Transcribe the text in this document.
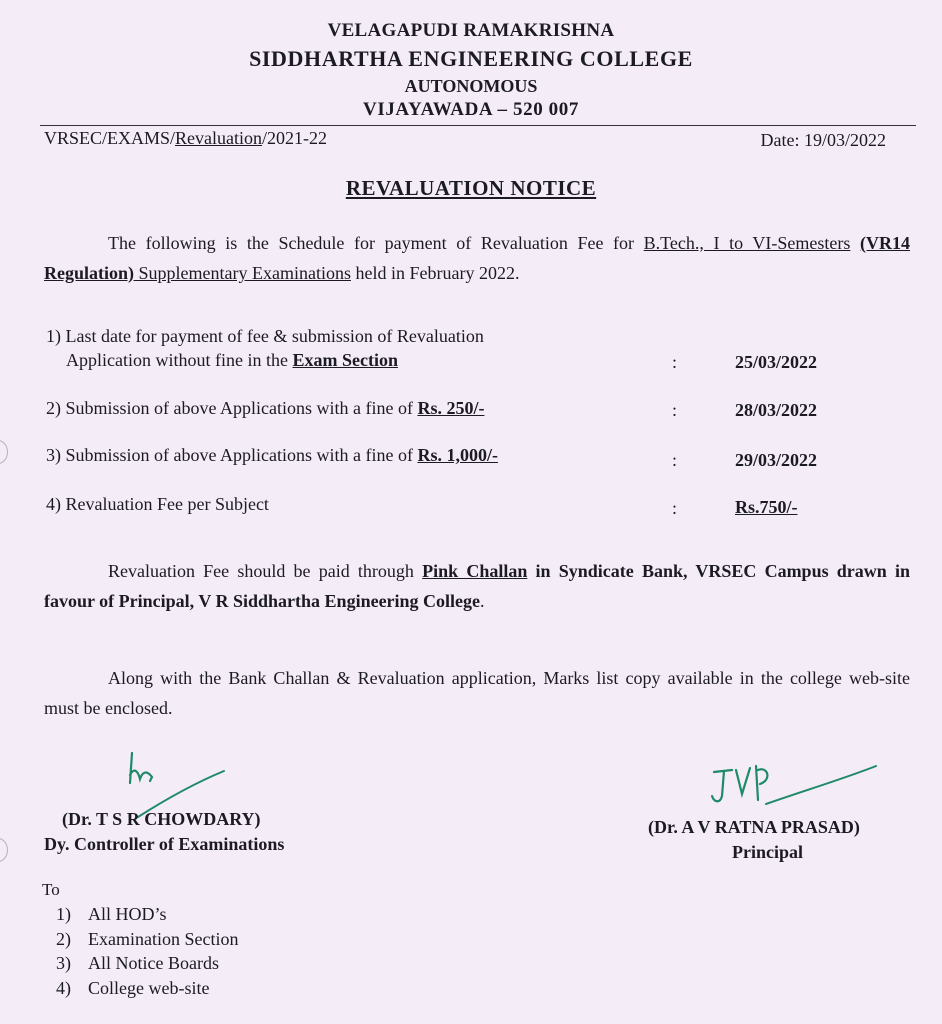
VELAGAPUDI RAMAKRISHNA
SIDDHARTHA ENGINEERING COLLEGE
AUTONOMOUS
VIJAYAWADA – 520 007
VRSEC/EXAMS/Revaluation/2021-22	Date: 19/03/2022
REVALUATION NOTICE
The following is the Schedule for payment of Revaluation Fee for B.Tech., I to VI-Semesters (VR14 Regulation) Supplementary Examinations held in February 2022.
1) Last date for payment of fee & submission of Revaluation
Application without fine in the Exam Section	:	25/03/2022
2) Submission of above Applications with a fine of Rs. 250/-	:	28/03/2022
3) Submission of above Applications with a fine of Rs. 1,000/-	:	29/03/2022
4) Revaluation Fee per Subject	:	Rs.750/-
Revaluation Fee should be paid through Pink Challan in Syndicate Bank, VRSEC Campus drawn in favour of Principal, V R Siddhartha Engineering College.
Along with the Bank Challan & Revaluation application, Marks list copy available in the college web-site must be enclosed.
(Dr. T S R CHOWDARY)
Dy. Controller of Examinations
(Dr. A V RATNA PRASAD)
Principal
To
1) All HOD’s
2) Examination Section
3) All Notice Boards
4) College web-site
